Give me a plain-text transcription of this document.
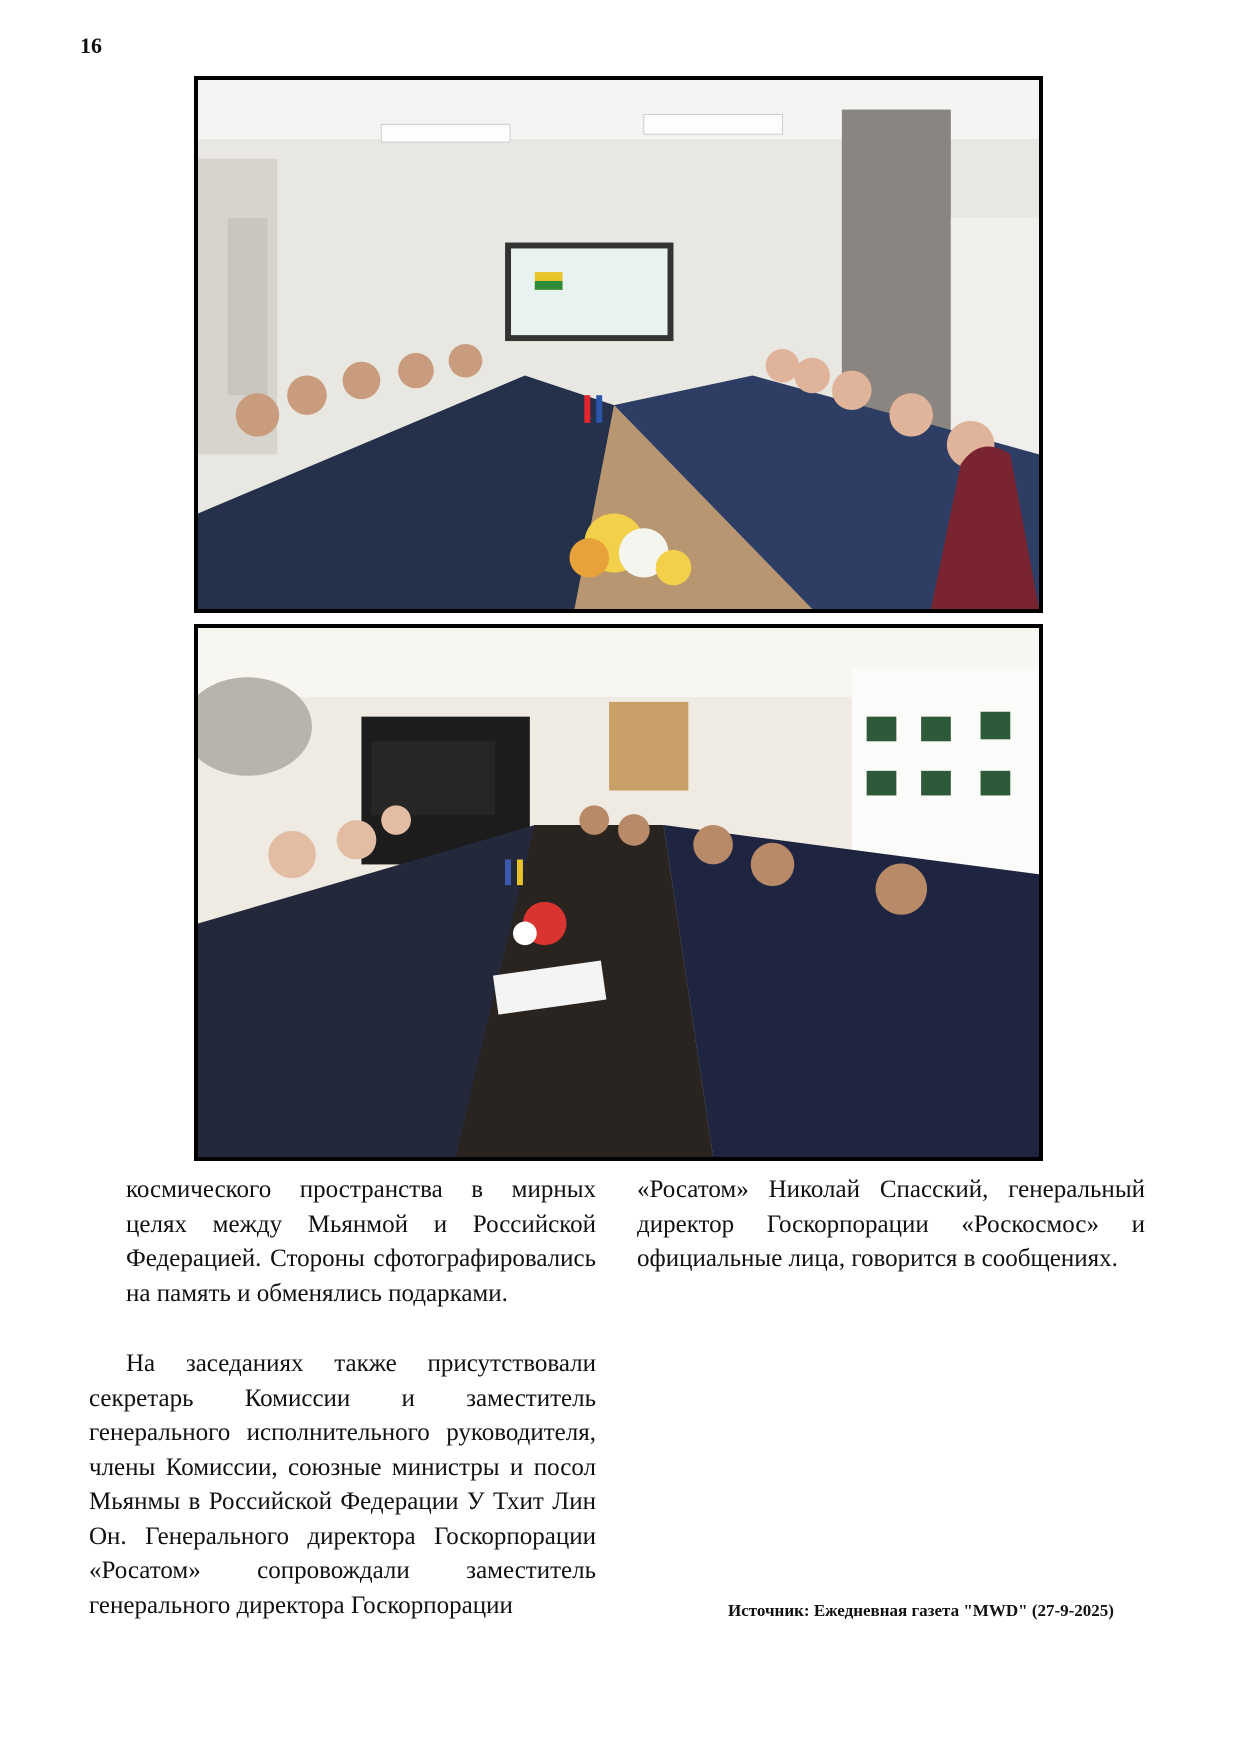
16

космического пространства в мирных целях между Мьянмой и Российской Федерацией. Стороны сфотографировались на память и обменялись подарками.

На заседаниях также присутствовали секретарь Комиссии и заместитель генерального исполнительного руководителя, члены Комиссии, союзные министры и посол Мьянмы в Российской Федерации У Тхит Лин Он. Генерального директора Госкорпорации «Росатом» сопровождали заместитель генерального директора Госкорпорации

«Росатом» Николай Спасский, генеральный директор Госкорпорации «Роскосмос» и официальные лица, говорится в сообщениях.

Источник: Ежедневная газета "MWD" (27-9-2025)
